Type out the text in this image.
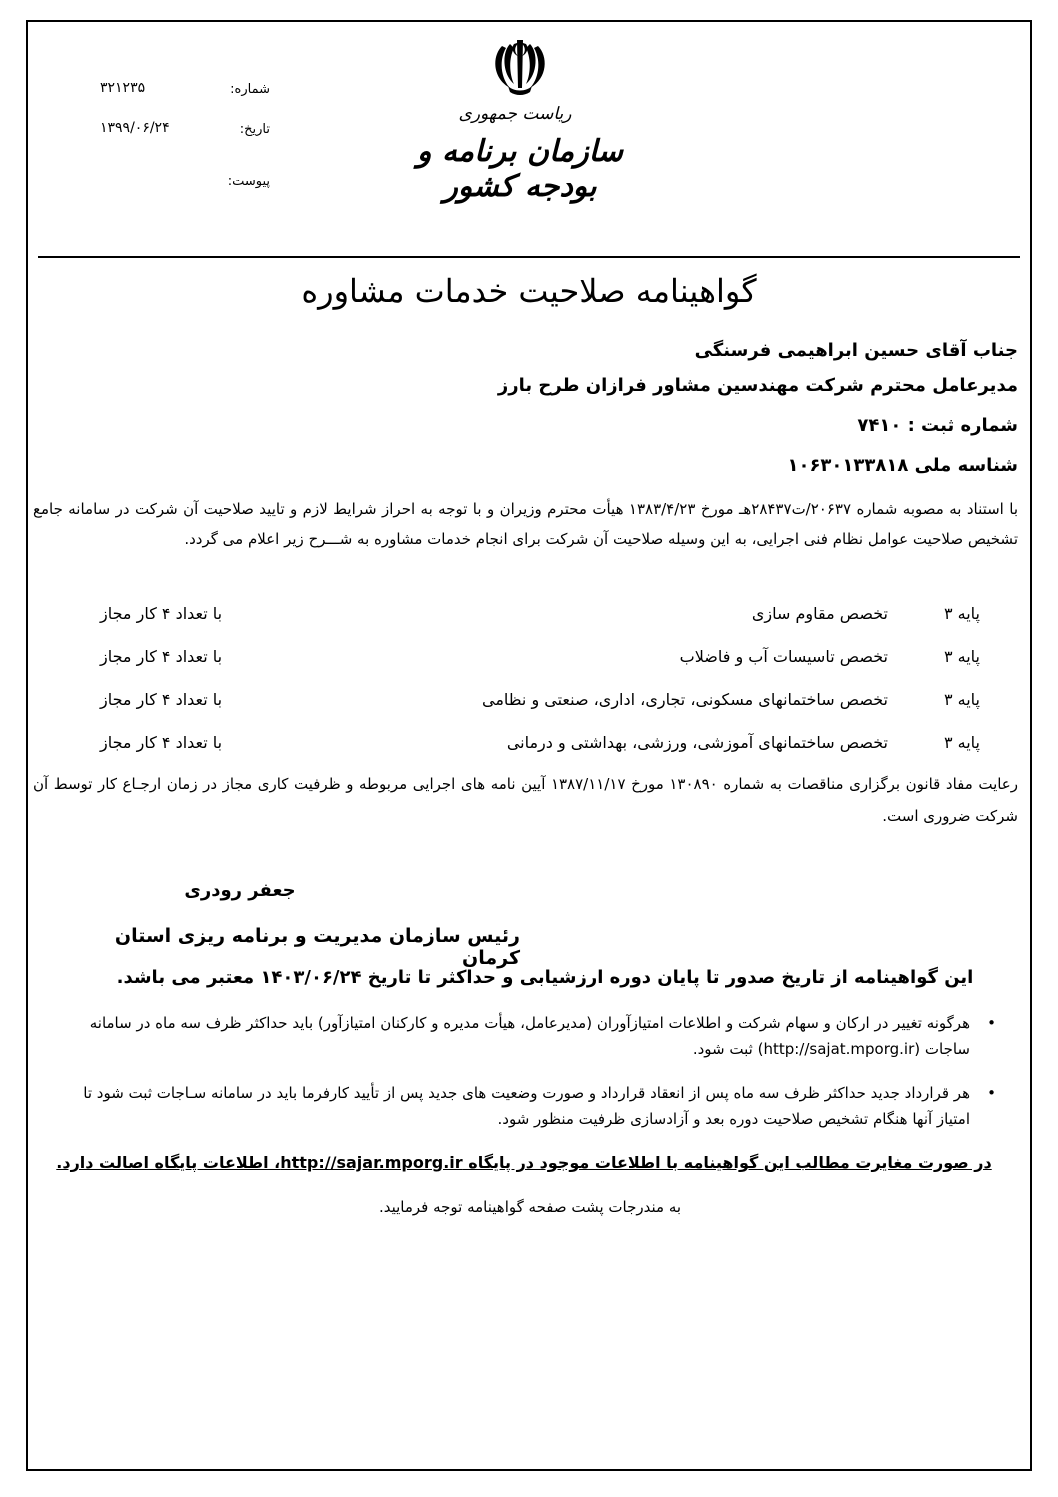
ریاست جمهوری
سازمان برنامه و بودجه کشور
شماره:
۳۲۱۲۳۵
تاریخ:
۱۳۹۹/۰۶/۲۴
پیوست:
گواهینامه صلاحیت خدمات مشاوره
جناب آقای حسین ابراهیمی فرسنگی
مدیرعامل محترم شرکت مهندسین مشاور فرازان طرح بارز
شماره ثبت : ۷۴۱۰
شناسه ملی ۱۰۶۳۰۱۳۳۸۱۸
با استناد به مصوبه شماره ۲۰۶۳۷/ت۲۸۴۳۷هـ مورخ ۱۳۸۳/۴/۲۳ هیأت محترم وزیران و با توجه به احراز شرایط لازم و تایید صلاحیت آن شرکت در سامانه جامع تشخیص صلاحیت عوامل نظام فنی اجرایی، به این وسیله صلاحیت آن شرکت برای انجام خدمات مشاوره به شـــرح زیر اعلام می گردد.
پایه ۳
تخصص مقاوم سازی
با تعداد ۴ کار مجاز
پایه ۳
تخصص تاسیسات آب و فاضلاب
با تعداد ۴ کار مجاز
پایه ۳
تخصص ساختمانهای مسکونی، تجاری، اداری، صنعتی و نظامی
با تعداد ۴ کار مجاز
پایه ۳
تخصص ساختمانهای آموزشی، ورزشی، بهداشتی و درمانی
با تعداد ۴ کار مجاز
رعایت مفاد قانون برگزاری مناقصات به شماره ۱۳۰۸۹۰ مورخ ۱۳۸۷/۱۱/۱۷ آیین نامه های اجرایی مربوطه و ظرفیت کاری مجاز در زمان ارجـاع کار توسط آن شرکت ضروری است.
جعفر رودری
رئیس سازمان مدیریت و برنامه ریزی استان کرمان
این گواهینامه از تاریخ صدور تا پایان دوره ارزشیابی و حداکثر تا تاریخ ۱۴۰۳/۰۶/۲۴ معتبر می باشد.
•
هرگونه تغییر در ارکان و سهام شرکت و اطلاعات امتیازآوران (مدیرعامل، هیأت مدیره و کارکنان امتیازآور) باید حداکثر ظرف سه ماه در سامانه ساجات (http://sajat.mporg.ir) ثبت شود.
•
هر قرارداد جدید حداکثر ظرف سه ماه پس از انعقاد قرارداد و صورت وضعیت های جدید پس از تأیید کارفرما باید در سامانه سـاجات ثبت شود تا امتیاز آنها هنگام تشخیص صلاحیت دوره بعد و آزادسازی ظرفیت منظور شود.
در صورت مغایرت مطالب این گواهینامه با اطلاعات موجود در پایگاه http://sajar.mporg.ir، اطلاعات پایگاه اصالت دارد.
به مندرجات پشت صفحه گواهینامه توجه فرمایید.
